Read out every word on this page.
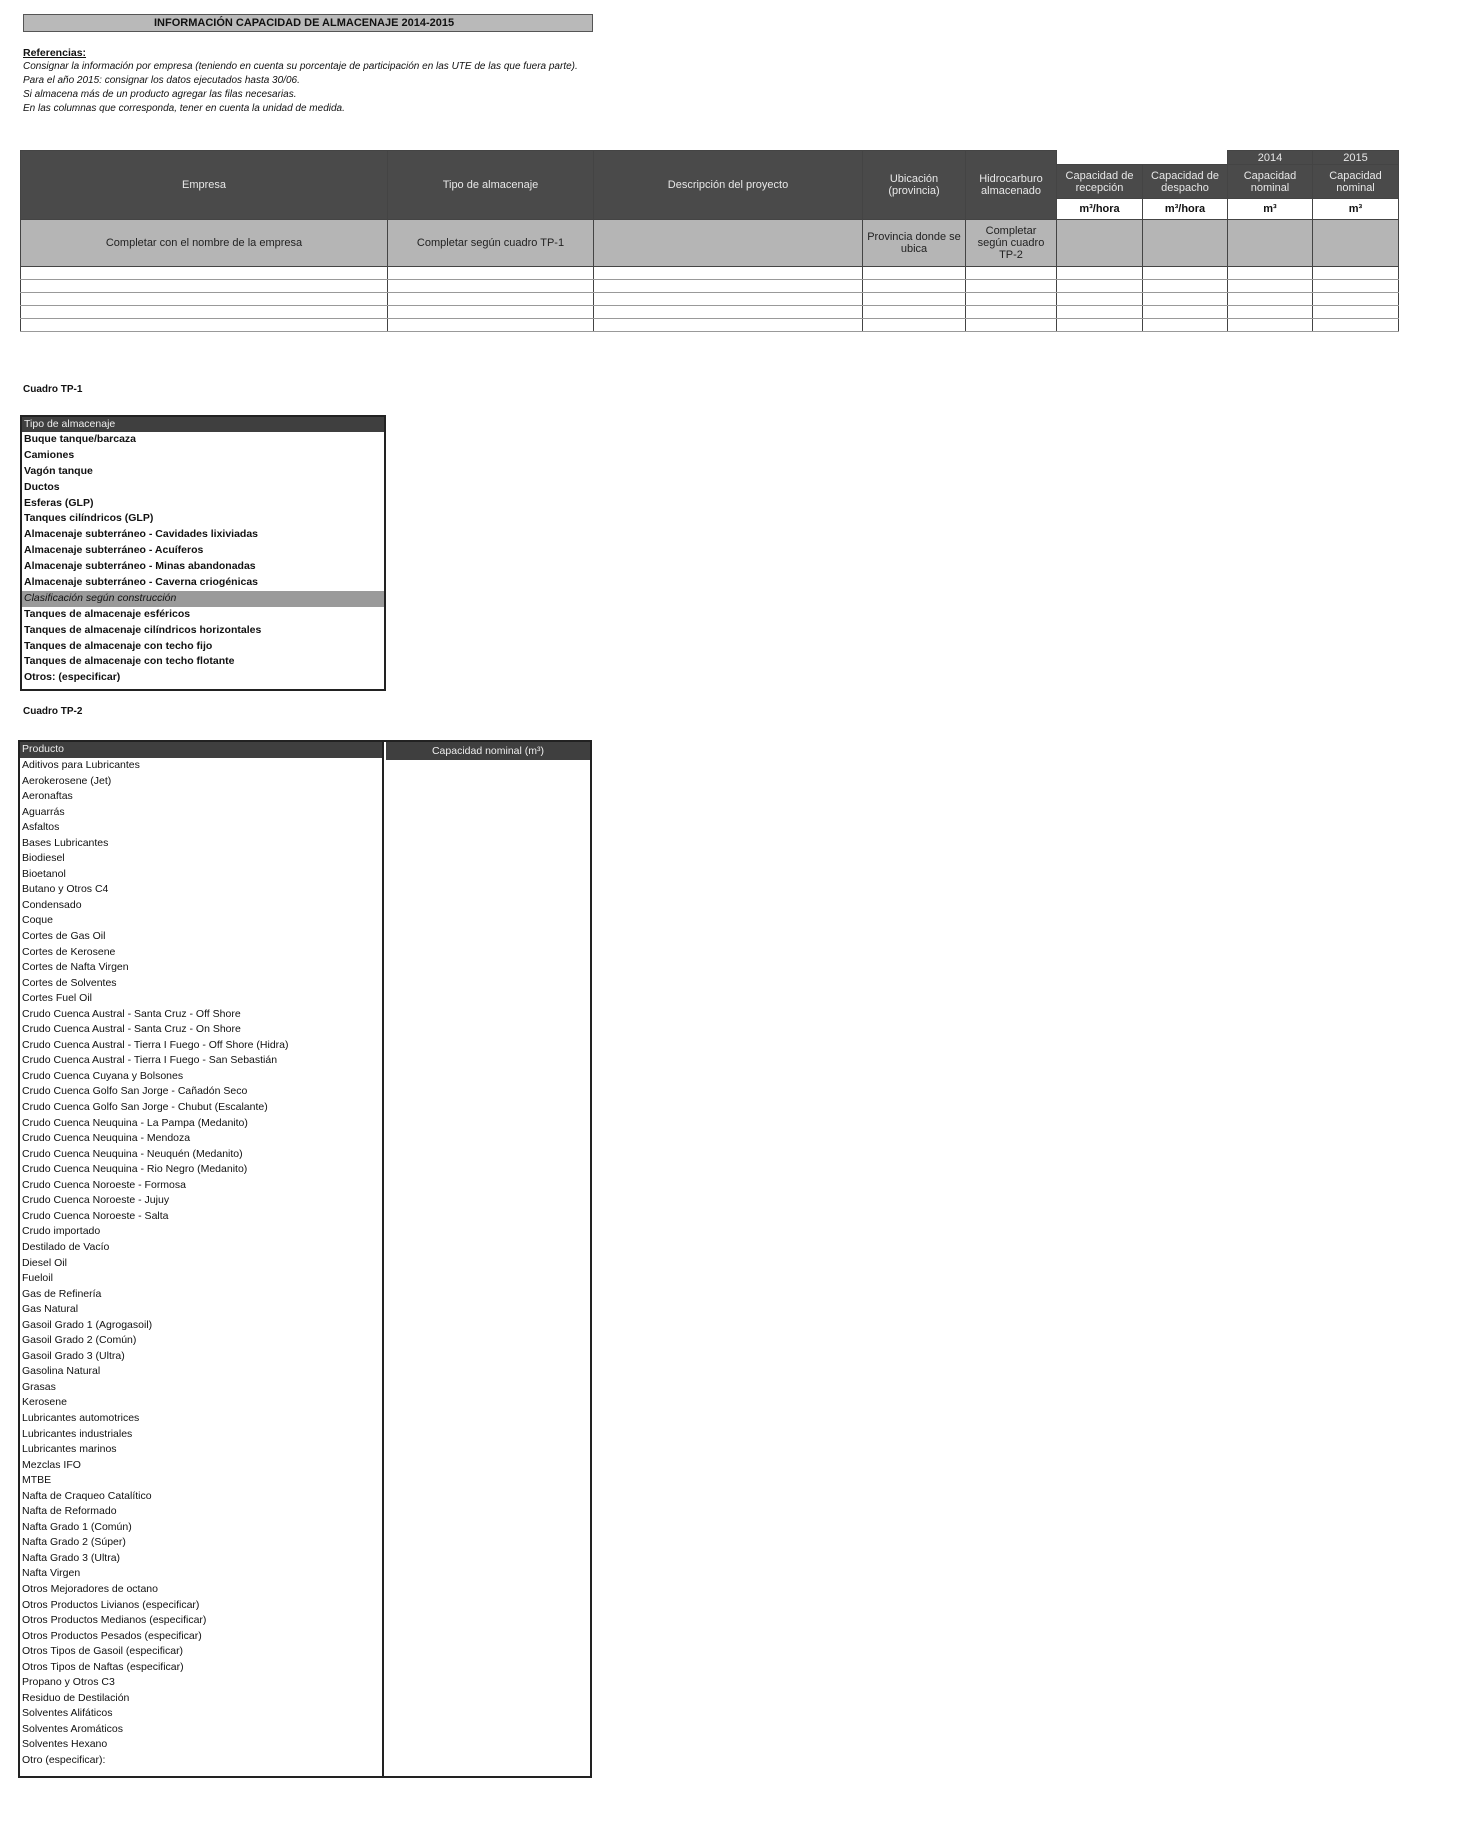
INFORMACIÓN CAPACIDAD DE ALMACENAJE 2014-2015
Referencias:
Consignar la información por empresa (teniendo en cuenta su porcentaje de participación en las UTE de las que fuera parte).
Para el año 2015: consignar los datos ejecutados hasta 30/06.
Si almacena más de un producto agregar las filas necesarias.
En las columnas que corresponda, tener en cuenta la unidad de medida.
Empresa	Tipo de almacenaje	Descripción del proyecto	Ubicación (provincia)	Hidrocarburo almacenado			2014	2015
					Capacidad de recepción	Capacidad de despacho	Capacidad nominal	Capacidad nominal
					m³/hora	m³/hora	m³	m³
Completar con el nombre de la empresa	Completar según cuadro TP-1		Provincia donde se ubica	Completar según cuadro TP-2				

Cuadro TP-1
Tipo de almacenaje
Buque tanque/barcaza
Camiones
Vagón tanque
Ductos
Esferas (GLP)
Tanques cilíndricos (GLP)
Almacenaje subterráneo - Cavidades lixiviadas
Almacenaje subterráneo - Acuíferos
Almacenaje subterráneo - Minas abandonadas
Almacenaje subterráneo - Caverna criogénicas
Clasificación según construcción
Tanques de almacenaje esféricos
Tanques de almacenaje cilíndricos horizontales
Tanques de almacenaje con techo fijo
Tanques de almacenaje con techo flotante
Otros: (especificar)
Cuadro TP-2
Producto	Capacidad nominal (m³)
Aditivos para Lubricantes
Aerokerosene (Jet)
Aeronaftas
Aguarrás
Asfaltos
Bases Lubricantes
Biodiesel
Bioetanol
Butano y Otros C4
Condensado
Coque
Cortes de Gas Oil
Cortes de Kerosene
Cortes de Nafta Virgen
Cortes de Solventes
Cortes Fuel Oil
Crudo Cuenca Austral - Santa Cruz - Off Shore
Crudo Cuenca Austral - Santa Cruz - On Shore
Crudo Cuenca Austral - Tierra I Fuego - Off Shore (Hidra)
Crudo Cuenca Austral - Tierra I Fuego - San Sebastián
Crudo Cuenca Cuyana y Bolsones
Crudo Cuenca Golfo San Jorge - Cañadón Seco
Crudo Cuenca Golfo San Jorge - Chubut (Escalante)
Crudo Cuenca Neuquina - La Pampa (Medanito)
Crudo Cuenca Neuquina - Mendoza
Crudo Cuenca Neuquina - Neuquén (Medanito)
Crudo Cuenca Neuquina - Rio Negro (Medanito)
Crudo Cuenca Noroeste - Formosa
Crudo Cuenca Noroeste - Jujuy
Crudo Cuenca Noroeste - Salta
Crudo importado
Destilado de Vacío
Diesel Oil
Fueloil
Gas de Refinería
Gas Natural
Gasoil Grado 1 (Agrogasoil)
Gasoil Grado 2 (Común)
Gasoil Grado 3 (Ultra)
Gasolina Natural
Grasas
Kerosene
Lubricantes automotrices
Lubricantes industriales
Lubricantes marinos
Mezclas IFO
MTBE
Nafta de Craqueo Catalítico
Nafta de Reformado
Nafta Grado 1 (Común)
Nafta Grado 2 (Súper)
Nafta Grado 3 (Ultra)
Nafta Virgen
Otros Mejoradores de octano
Otros Productos Livianos (especificar)
Otros Productos Medianos (especificar)
Otros Productos Pesados (especificar)
Otros Tipos de Gasoil (especificar)
Otros Tipos de Naftas (especificar)
Propano y Otros C3
Residuo de Destilación
Solventes Alifáticos
Solventes Aromáticos
Solventes Hexano
Otro (especificar):
